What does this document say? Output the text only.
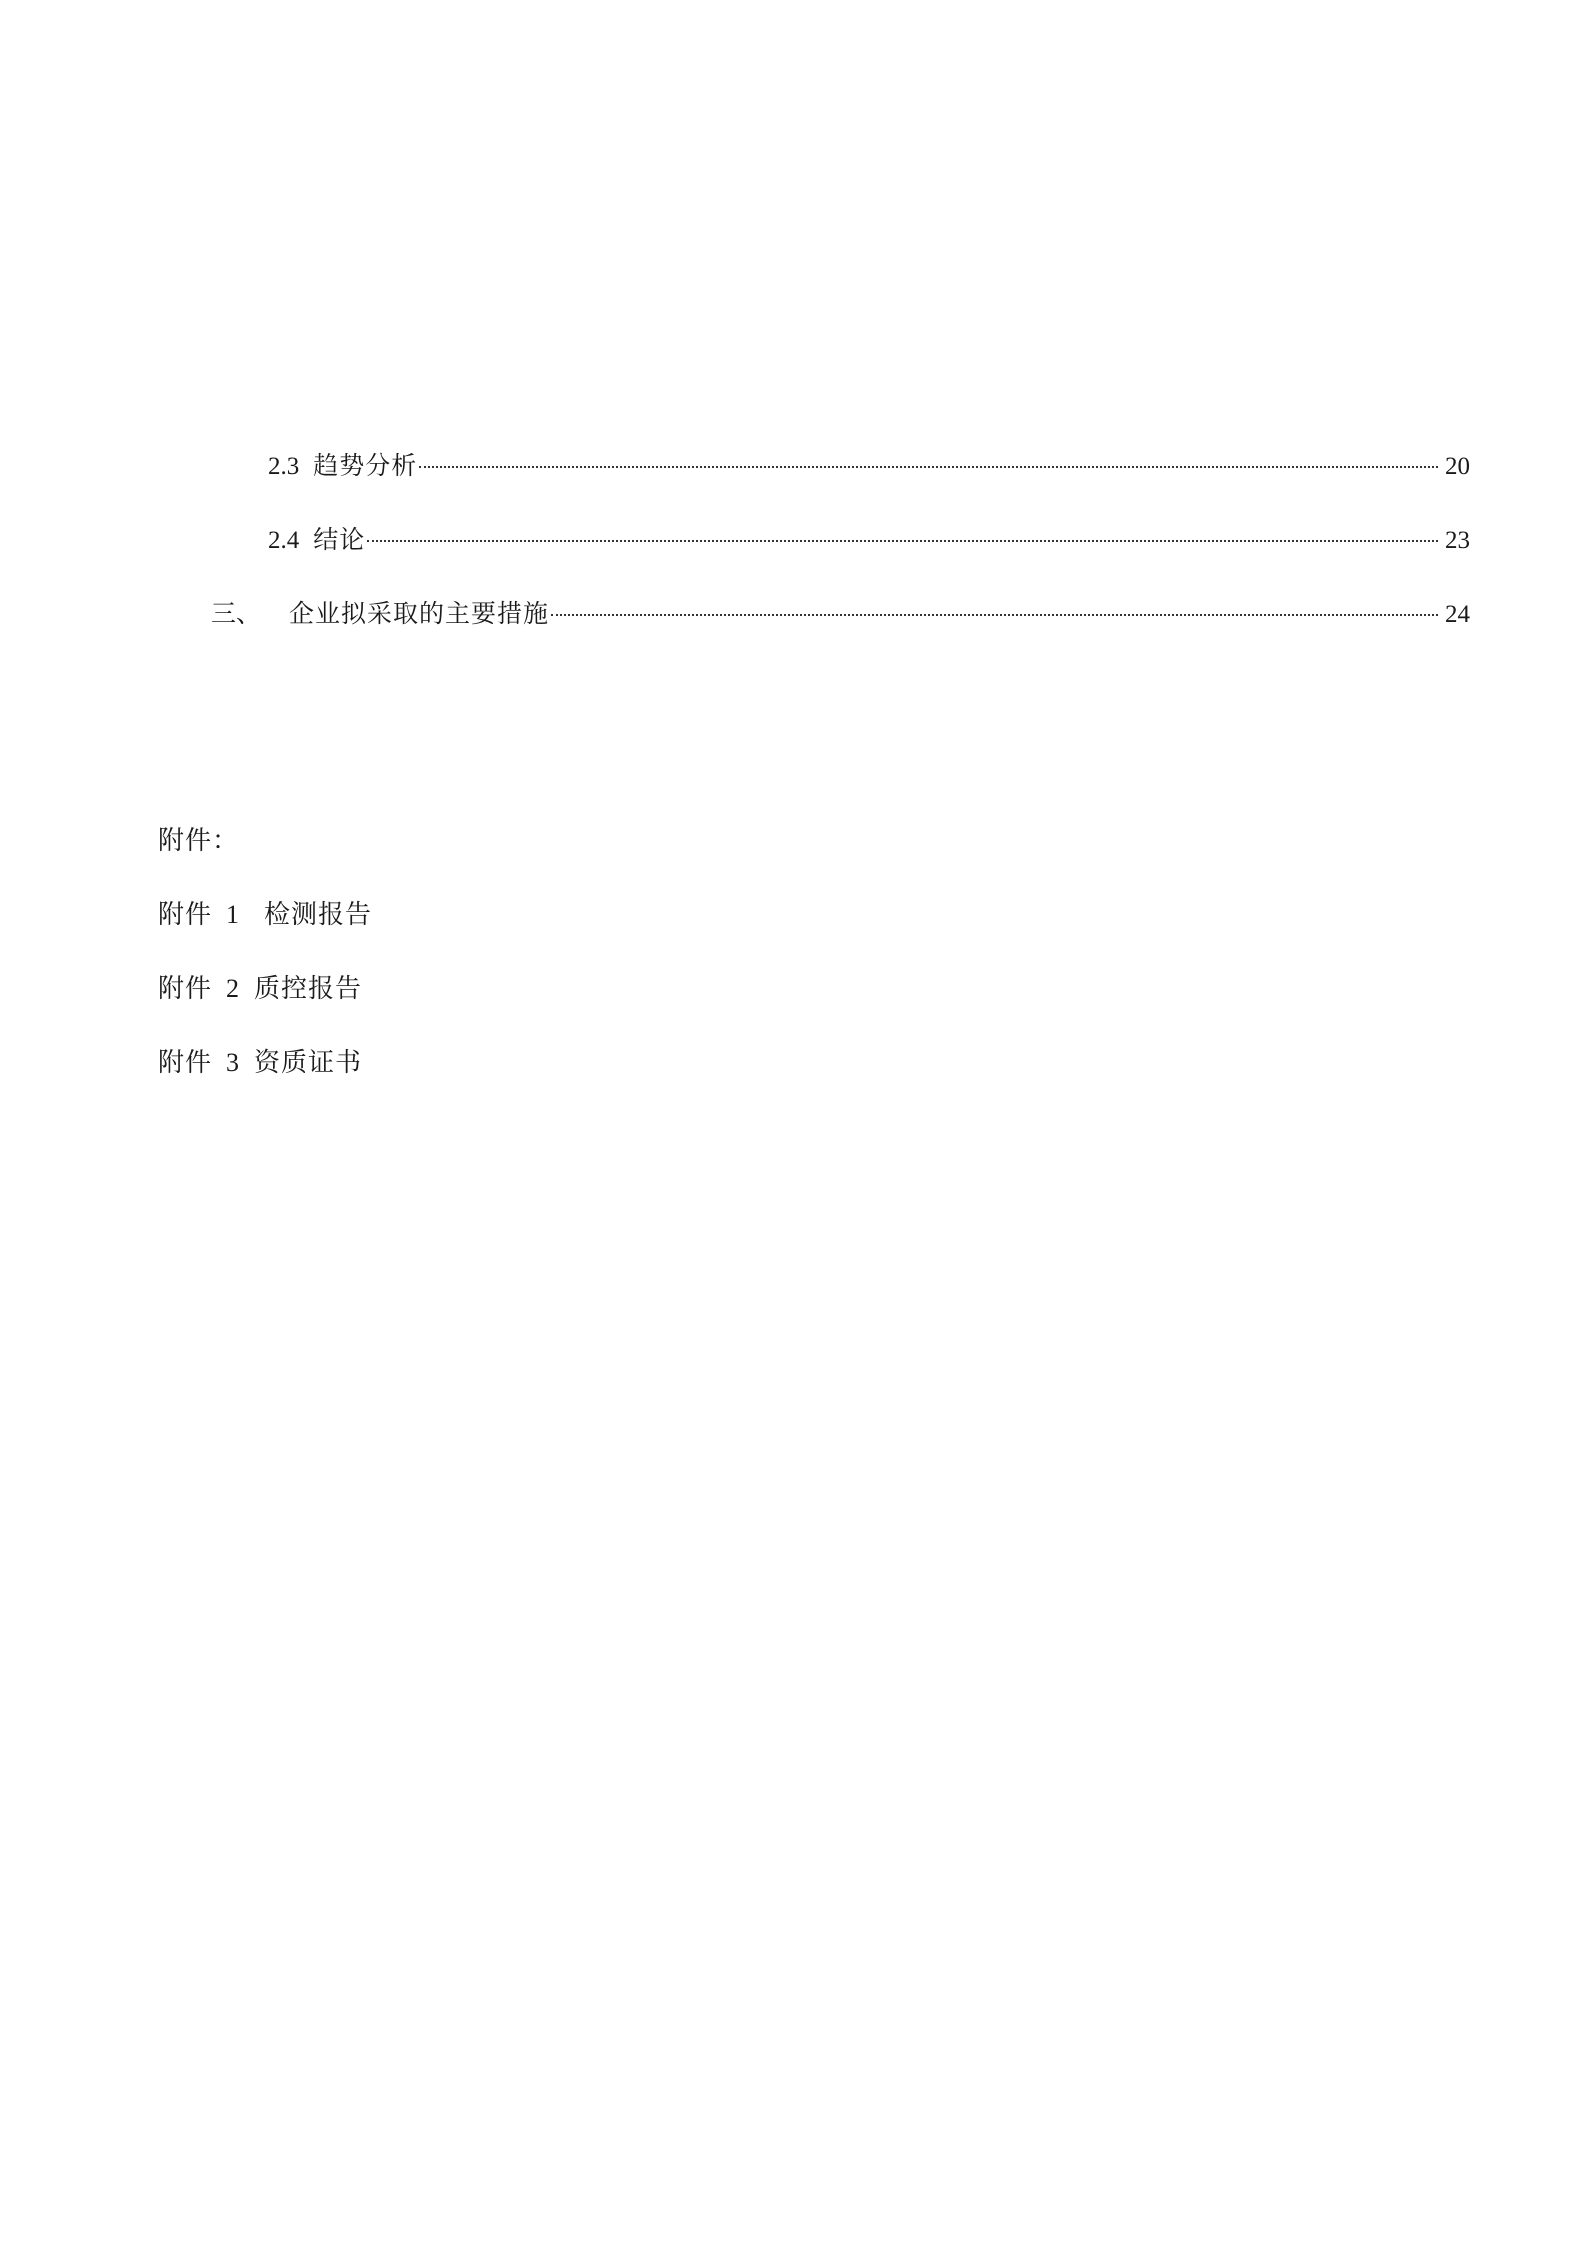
2.3 趋势分析	20
2.4 结论	23
三、 企业拟采取的主要措施	24
附件：
附件 1 检测报告
附件 2 质控报告
附件 3 资质证书
